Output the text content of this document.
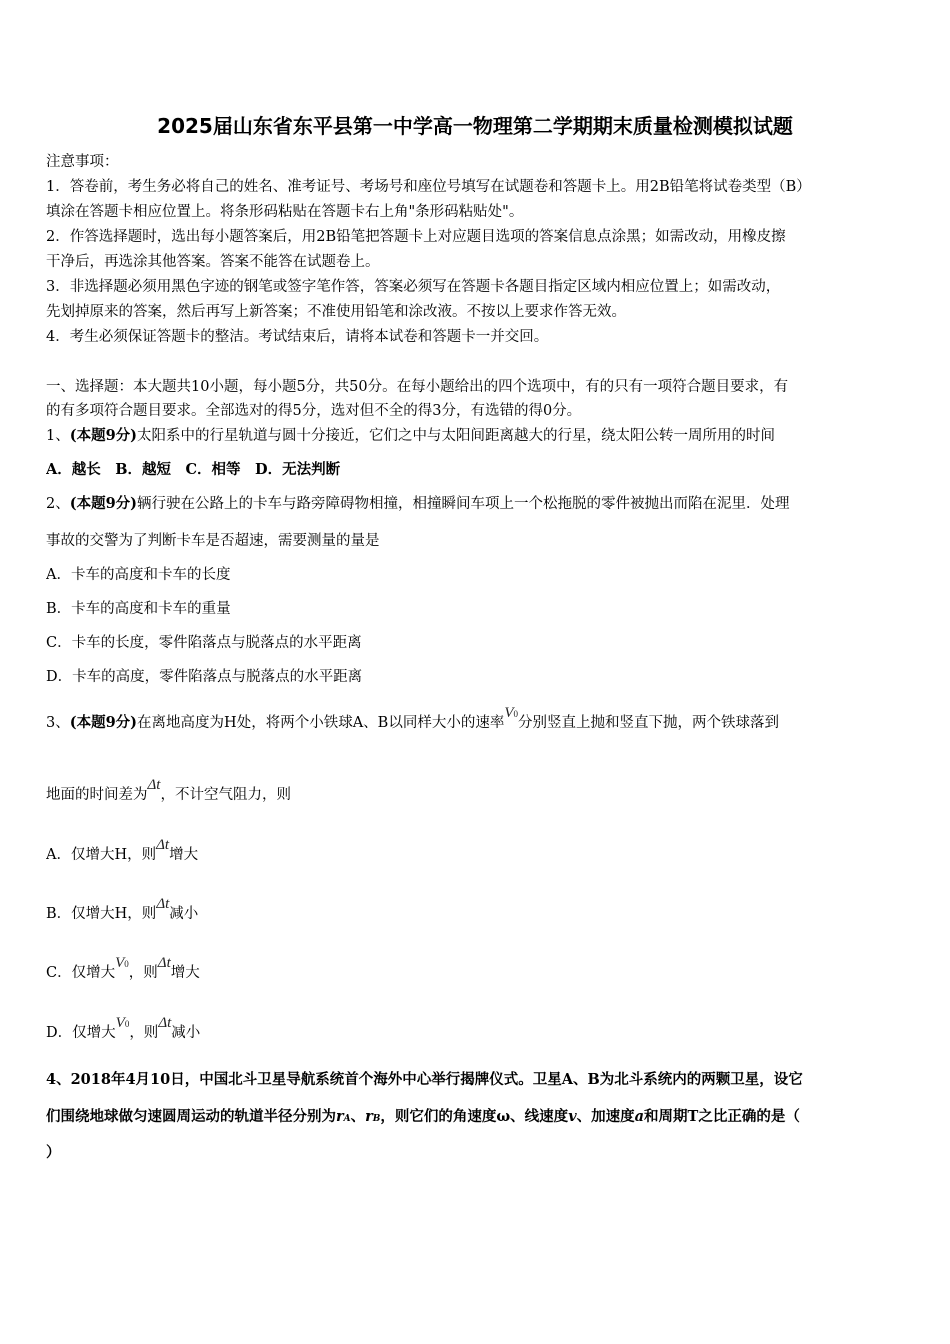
2025届山东省东平县第一中学高一物理第二学期期末质量检测模拟试题
注意事项：
1．答卷前，考生务必将自己的姓名、准考证号、考场号和座位号填写在试题卷和答题卡上。用2B铅笔将试卷类型（B）
填涂在答题卡相应位置上。将条形码粘贴在答题卡右上角"条形码粘贴处"。
2．作答选择题时，选出每小题答案后，用2B铅笔把答题卡上对应题目选项的答案信息点涂黑；如需改动，用橡皮擦
干净后，再选涂其他答案。答案不能答在试题卷上。
3．非选择题必须用黑色字迹的钢笔或签字笔作答，答案必须写在答题卡各题目指定区域内相应位置上；如需改动，
先划掉原来的答案，然后再写上新答案；不准使用铅笔和涂改液。不按以上要求作答无效。
4．考生必须保证答题卡的整洁。考试结束后，请将本试卷和答题卡一并交回。
一、选择题：本大题共10小题，每小题5分，共50分。在每小题给出的四个选项中，有的只有一项符合题目要求，有
的有多项符合题目要求。全部选对的得5分，选对但不全的得3分，有选错的得0分。
1、(本题9分)太阳系中的行星轨道与圆十分接近，它们之中与太阳间距离越大的行星，绕太阳公转一周所用的时间
A．越长　B．越短　C．相等　D．无法判断
2、(本题9分)辆行驶在公路上的卡车与路旁障碍物相撞，相撞瞬间车项上一个松拖脱的零件被抛出而陷在泥里．处理
事故的交警为了判断卡车是否超速，需要测量的量是
A．卡车的高度和卡车的长度
B．卡车的高度和卡车的重量
C．卡车的长度，零件陷落点与脱落点的水平距离
D．卡车的高度，零件陷落点与脱落点的水平距离
3、(本题9分)在离地高度为H处，将两个小铁球A、B以同样大小的速率V0分别竖直上抛和竖直下抛，两个铁球落到
地面的时间差为Δt，不计空气阻力，则
A．仅增大H，则Δt增大
B．仅增大H，则Δt减小
C．仅增大V0，则Δt增大
D．仅增大V0，则Δt减小
4、2018年4月10日，中国北斗卫星导航系统首个海外中心举行揭牌仪式。卫星A、B为北斗系统内的两颗卫星，设它
们围绕地球做匀速圆周运动的轨道半径分别为rA、rB，则它们的角速度ω、线速度v、加速度a和周期T之比正确的是（
）
